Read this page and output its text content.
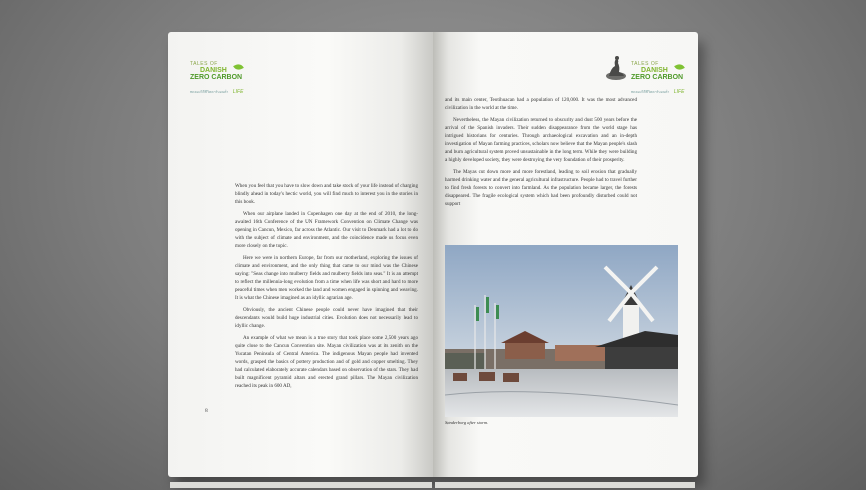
TALES OF
DANISH
ZERO CARBON
ทดลองวิถีชีวิตคาร์บอนต่ำ LIFE

When you feel that you have to slow down and take stock of your life instead of charging blindly ahead in today's hectic world, you will find much to interest you in the stories in this book.

When our airplane landed in Copenhagen one day at the end of 2010, the long-awaited 16th Conference of the UN Framework Convention on Climate Change was opening in Cancun, Mexico, far across the Atlantic. Our visit to Denmark had a lot to do with the subject of climate and environment, and the coincidence made us focus even more closely on the topic.

Here we were in northern Europe, far from our motherland, exploring the issues of climate and environment, and the only thing that came to our mind was the Chinese saying: "Seas change into mulberry fields and mulberry fields into seas." It is an attempt to reflect the millennia-long evolution from a time when life was short and hard to more peaceful times when men worked the land and women engaged in spinning and weaving. It is what the Chinese imagined as an idyllic agrarian age.

Obviously, the ancient Chinese people could never have imagined that their descendants would build huge industrial cities. Evolution does not necessarily lead to idyllic change.

An example of what we mean is a true story that took place some 2,500 years ago quite close to the Cancun Convention site. Mayan civilization was at its zenith on the Yucatan Peninsula of Central America. The indigenous Mayan people had invented words, grasped the basics of pottery production and of gold and copper smelting. They had calculated elaborately accurate calendars based on observation of the stars. They had built magnificent pyramid altars and erected grand pillars. The Mayan civilization reached its peak in 600 AD,

8
TALES OF
DANISH
ZERO CARBON
ทดลองวิถีชีวิตคาร์บอนต่ำ LIFE

and its main center, Teotihuacan had a population of 120,000. It was the most advanced civilization in the world at the time.

Nevertheless, the Mayan civilization returned to obscurity and dust 500 years before the arrival of the Spanish invaders. Their sudden disappearance from the world stage has intrigued historians for centuries. Through archaeological excavation and an in-depth investigation of Mayan farming practices, scholars now believe that the Mayan people's slash and burn agricultural system proved unsustainable in the long term. While they were building a highly developed society, they were destroying the very foundation of their prosperity.

The Mayas cut down more and more forestland, leading to soil erosion that gradually harmed drinking water and the general agricultural infrastructure. People had to travel further to find fresh forests to convert into farmland. As the population became larger, the forests disappeared. The fragile ecological system which had been profoundly disturbed could not support

Sønderborg after storm.
